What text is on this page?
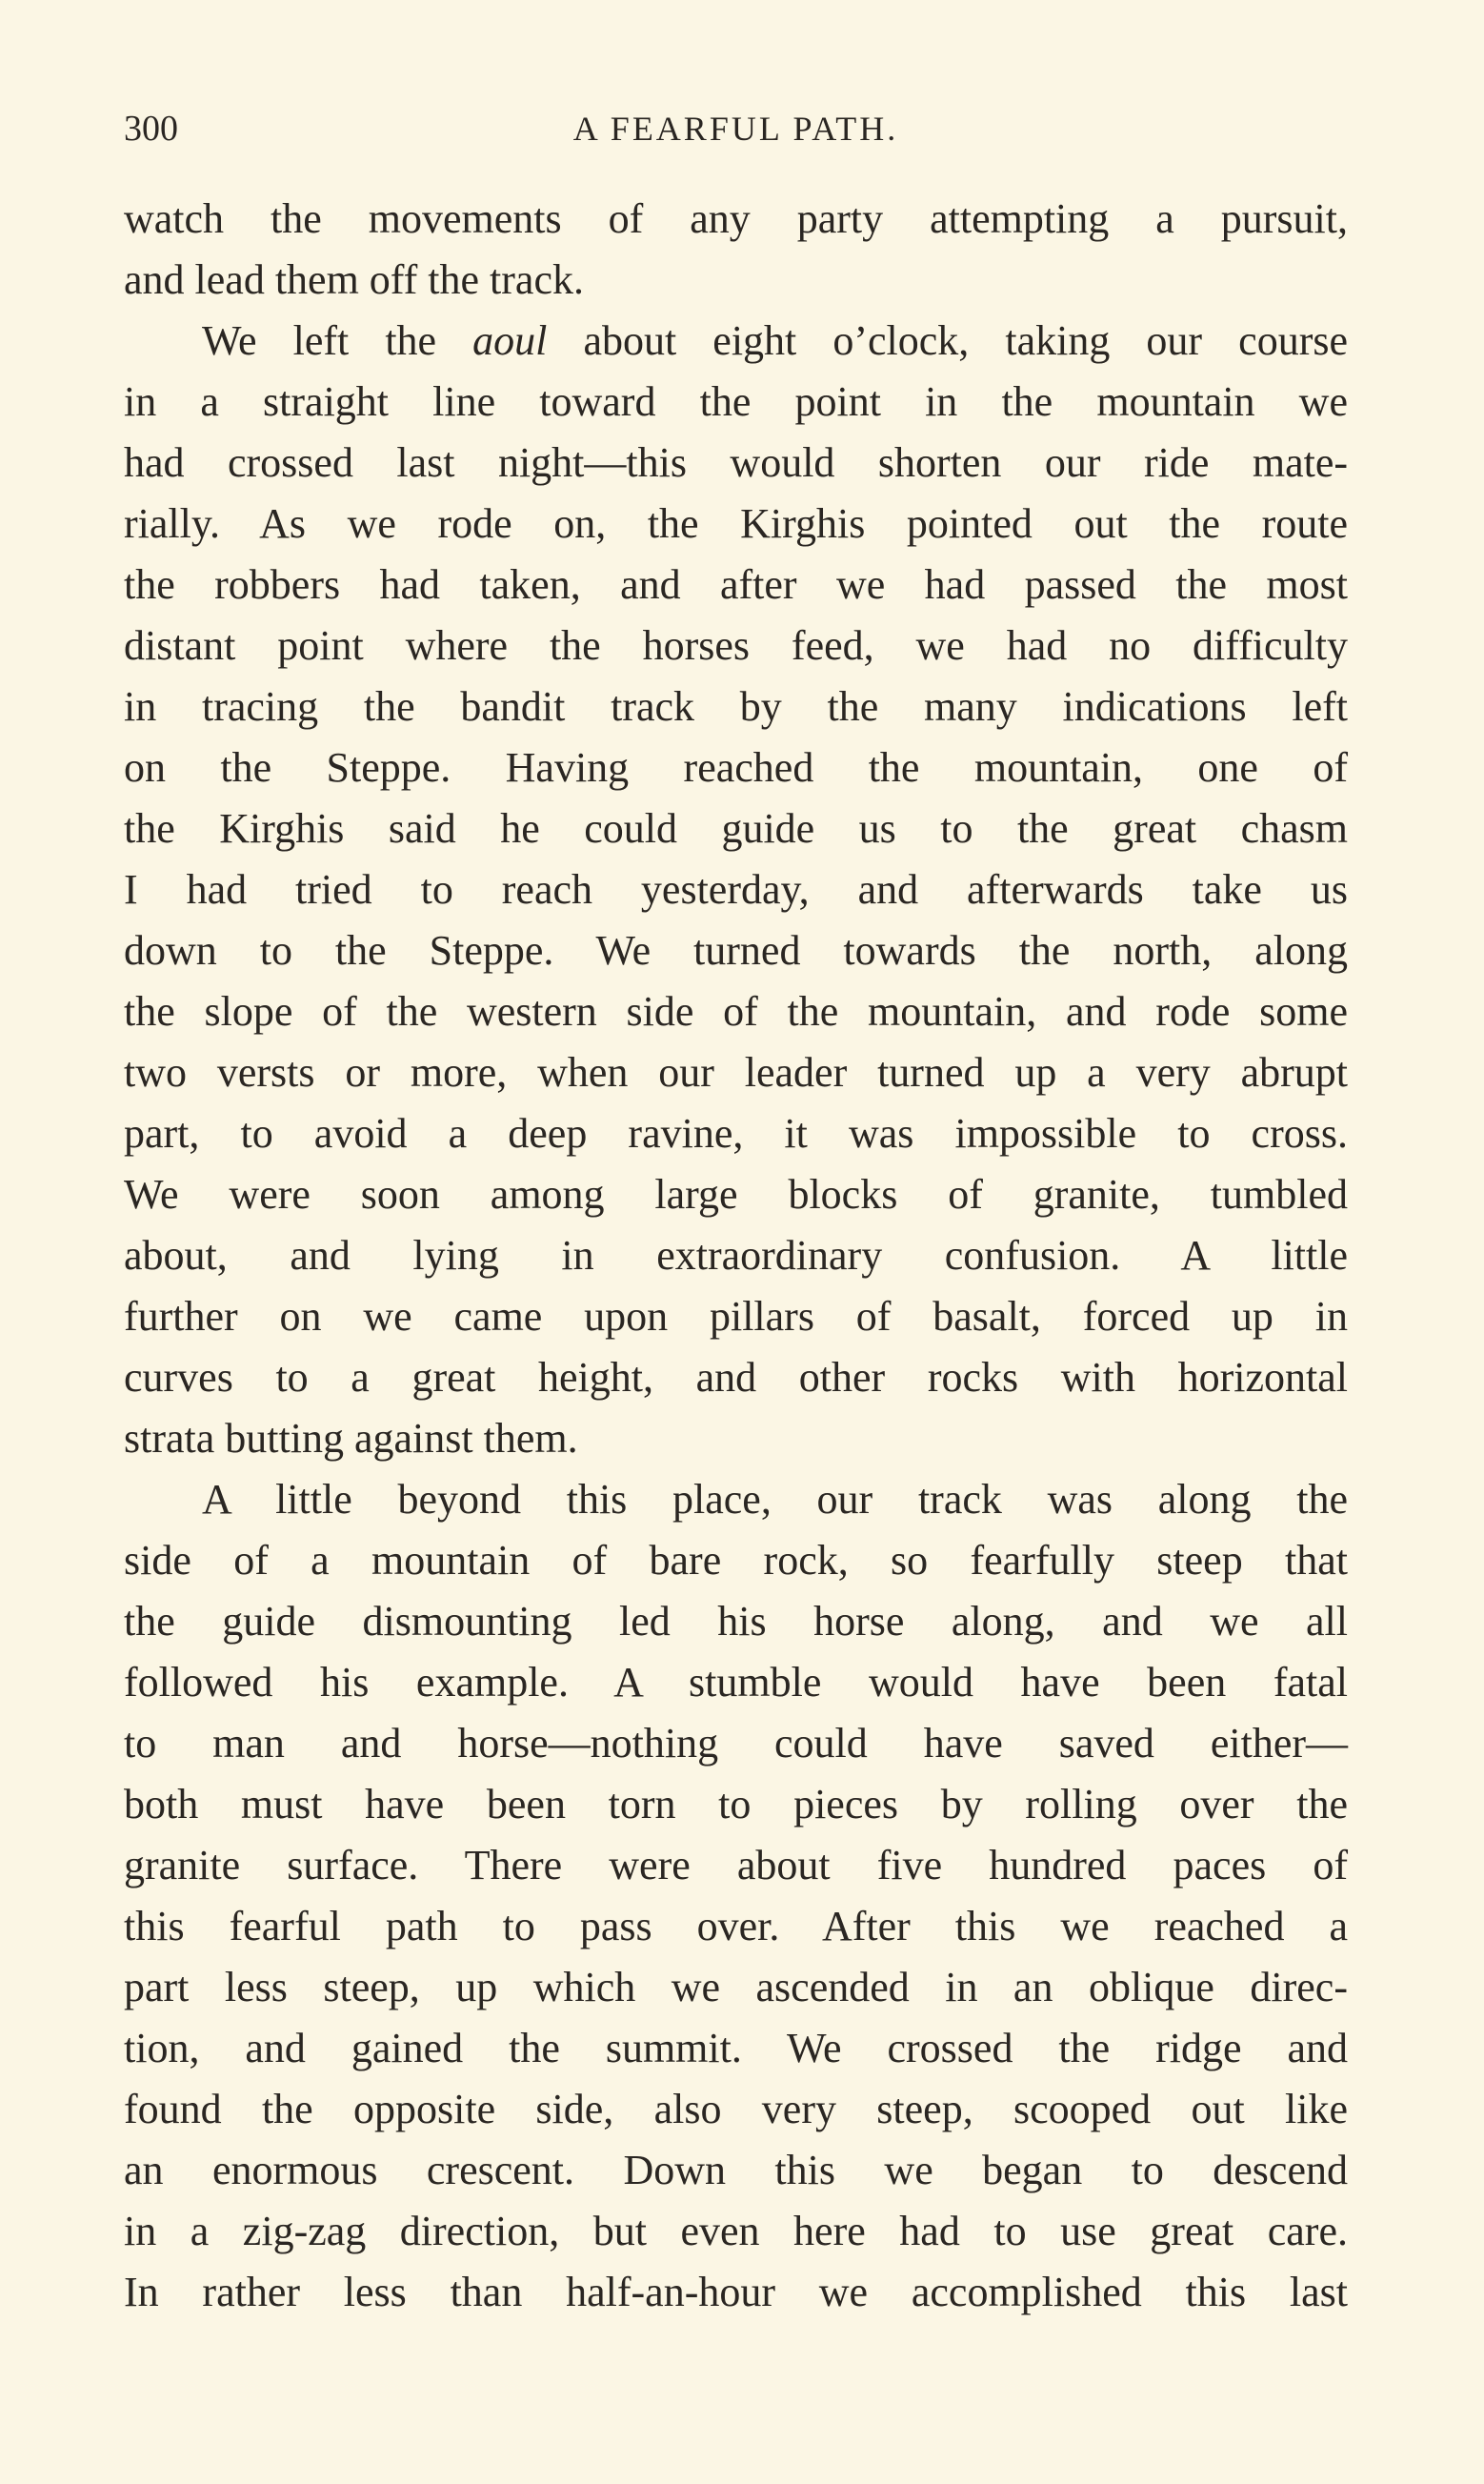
300	A FEARFUL PATH.
watch the movements of any party attempting a pursuit,
and lead them off the track.
We left the aoul about eight o’clock, taking our course
in a straight line toward the point in the mountain we
had crossed last night—this would shorten our ride mate-
rially. As we rode on, the Kirghis pointed out the route
the robbers had taken, and after we had passed the most
distant point where the horses feed, we had no difficulty
in tracing the bandit track by the many indications left
on the Steppe. Having reached the mountain, one of
the Kirghis said he could guide us to the great chasm
I had tried to reach yesterday, and afterwards take us
down to the Steppe. We turned towards the north, along
the slope of the western side of the mountain, and rode some
two versts or more, when our leader turned up a very abrupt
part, to avoid a deep ravine, it was impossible to cross.
We were soon among large blocks of granite, tumbled
about, and lying in extraordinary confusion. A little
further on we came upon pillars of basalt, forced up in
curves to a great height, and other rocks with horizontal
strata butting against them.
A little beyond this place, our track was along the
side of a mountain of bare rock, so fearfully steep that
the guide dismounting led his horse along, and we all
followed his example. A stumble would have been fatal
to man and horse—nothing could have saved either—
both must have been torn to pieces by rolling over the
granite surface. There were about five hundred paces of
this fearful path to pass over. After this we reached a
part less steep, up which we ascended in an oblique direc-
tion, and gained the summit. We crossed the ridge and
found the opposite side, also very steep, scooped out like
an enormous crescent. Down this we began to descend
in a zig-zag direction, but even here had to use great care.
In rather less than half-an-hour we accomplished this last
